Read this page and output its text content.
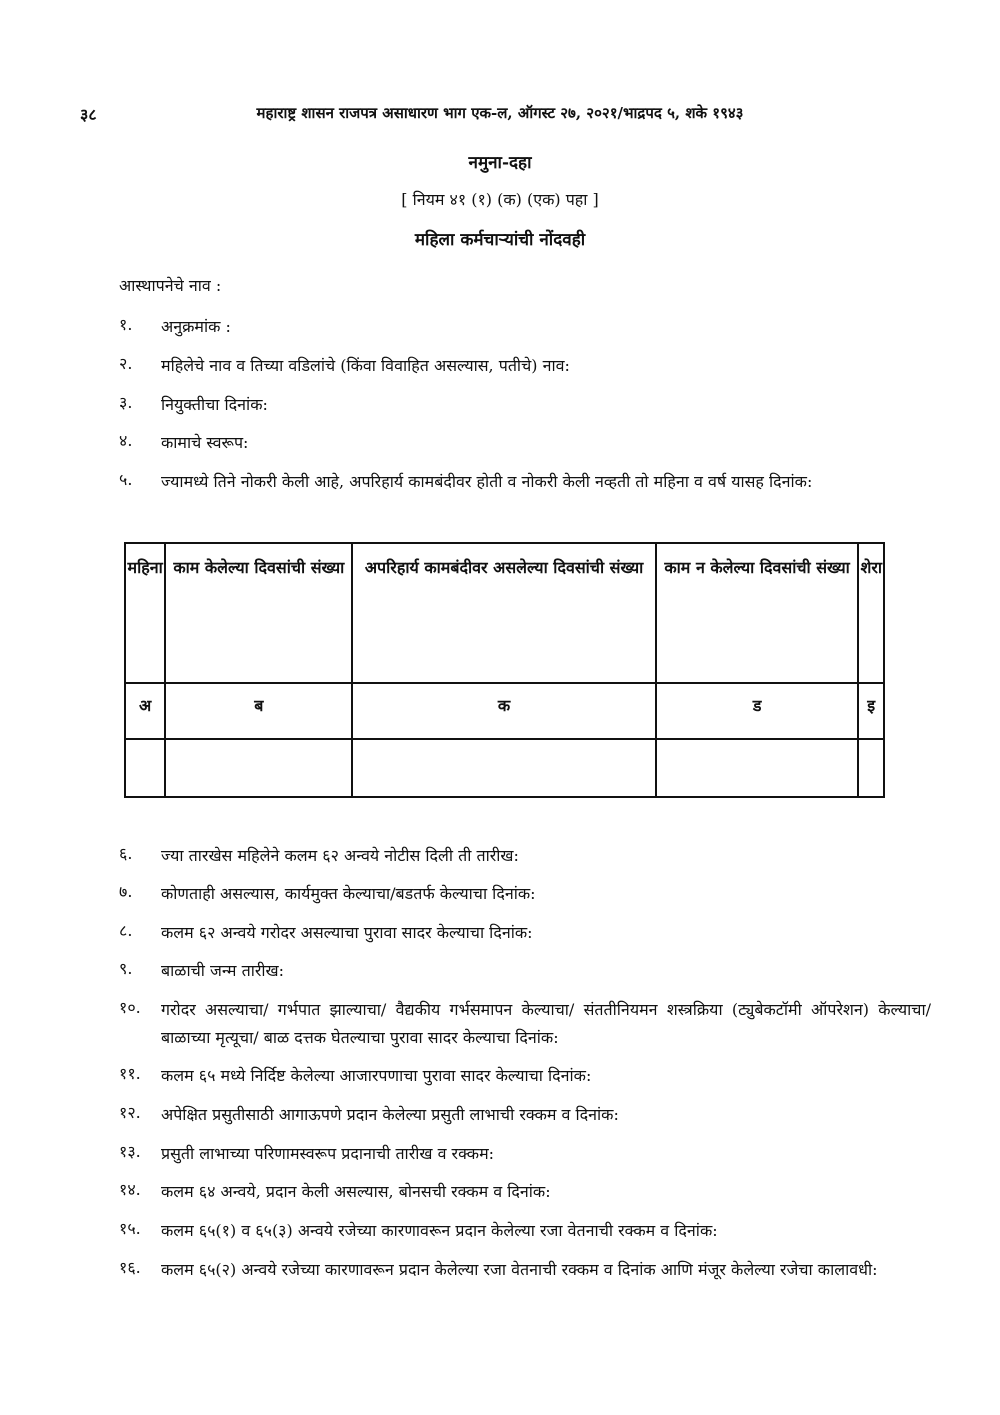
३८	महाराष्ट्र शासन राजपत्र असाधारण भाग एक-ल, ऑगस्ट २७, २०२१/भाद्रपद ५, शके १९४३
नमुना-दहा
[ नियम ४१ (१) (क) (एक) पहा ]
महिला कर्मचाऱ्यांची नोंदवही
आस्थापनेचे नाव :
१.	अनुक्रमांक :
२.	महिलेचे नाव व तिच्या वडिलांचे (किंवा विवाहित असल्यास, पतीचे) नाव:
३.	नियुक्तीचा दिनांक:
४.	कामाचे स्वरूप:
५.	ज्यामध्ये तिने नोकरी केली आहे, अपरिहार्य कामबंदीवर होती व नोकरी केली नव्हती तो महिना व वर्ष यासह दिनांक:
महिना	काम केलेल्या दिवसांची संख्या	अपरिहार्य कामबंदीवर असलेल्या दिवसांची संख्या	काम न केलेल्या दिवसांची संख्या	शेरा
अ	ब	क	ड	इ

६.	ज्या तारखेस महिलेने कलम ६२ अन्वये नोटीस दिली ती तारीख:
७.	कोणताही असल्यास, कार्यमुक्त केल्याचा/बडतर्फ केल्याचा दिनांक:
८.	कलम ६२ अन्वये गरोदर असल्याचा पुरावा सादर केल्याचा दिनांक:
९.	बाळाची जन्म तारीख:
१०.	गरोदर असल्याचा/ गर्भपात झाल्याचा/ वैद्यकीय गर्भसमापन केल्याचा/ संततीनियमन शस्त्रक्रिया (ट्युबेकटॉमी ऑपरेशन) केल्याचा/बाळाच्या मृत्यूचा/ बाळ दत्तक घेतल्याचा पुरावा सादर केल्याचा दिनांक:
११.	कलम ६५ मध्ये निर्दिष्ट केलेल्या आजारपणाचा पुरावा सादर केल्याचा दिनांक:
१२.	अपेक्षित प्रसुतीसाठी आगाऊपणे प्रदान केलेल्या प्रसुती लाभाची रक्कम व दिनांक:
१३.	प्रसुती लाभाच्या परिणामस्वरूप प्रदानाची तारीख व रक्कम:
१४.	कलम ६४ अन्वये, प्रदान केली असल्यास, बोनसची रक्कम व दिनांक:
१५.	कलम ६५(१) व ६५(३) अन्वये रजेच्या कारणावरून प्रदान केलेल्या रजा वेतनाची रक्कम व दिनांक:
१६.	कलम ६५(२) अन्वये रजेच्या कारणावरून प्रदान केलेल्या रजा वेतनाची रक्कम व दिनांक आणि मंजूर केलेल्या रजेचा कालावधी:
